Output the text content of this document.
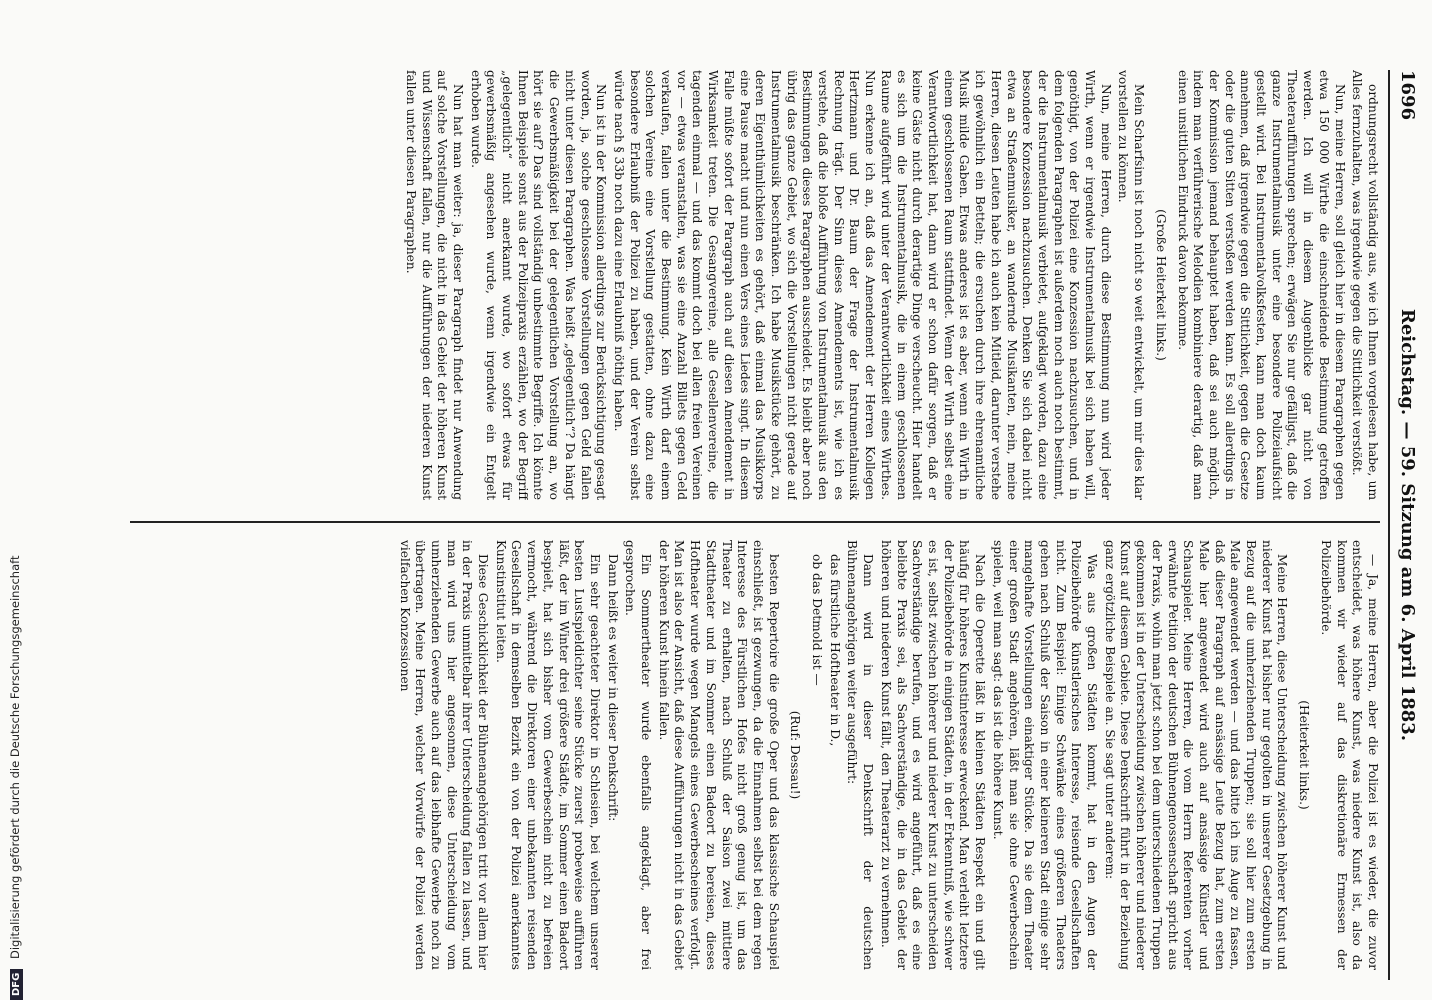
1696
Reichstag. — 59. Sitzung am 6. April 1883.

ordnungsrecht vollständig aus, wie ich Ihnen vorgelesen habe, um Alles fernzuhalten, was irgendwie gegen die Sittlichkeit verstößt.

Nun, meine Herren, soll gleich hier in diesem Paragraphen gegen etwa 150 000 Wirthe die einschneidende Bestimmung getroffen werden. Ich will in diesem Augenblicke gar nicht von Theateraufführungen sprechen; erwägen Sie nur gefälligst, daß die ganze Instrumentalmusik unter eine besondere Polizeiaufsicht gestellt wird. Bei Instrumentalvolksfesten, kann man doch kaum annehmen, daß irgendwie gegen die Sittlichkeit, gegen die Gesetze oder die guten Sitten verstoßen werden kann. Es soll allerdings in der Kommission jemand behauptet haben, daß sei auch möglich, indem man verführerische Melodien kombiniere derartig, daß man einen unsittlichen Eindruck davon bekomme.

(Große Heiterkeit links.)

Mein Scharfsinn ist noch nicht so weit entwickelt, um mir dies klar vorstellen zu können.

Nun, meine Herren, durch diese Bestimmung nun wird jeder Wirth, wenn er irgendwie Instrumentalmusik bei sich haben will, genöthigt, von der Polizei eine Konzession nachzusuchen, und in dem folgenden Paragraphen ist außerdem noch auch noch bestimmt, der die Instrumentalmusik verbietet, aufgeklagt worden, dazu eine besondere Konzession nachzusuchen. Denken Sie sich dabei nicht etwa an Straßenmusiker, an wandernde Musikanten, nein, meine Herren, diesen Leuten habe ich auch kein Mitleid, darunter verstehe ich gewöhnlich ein Betteln; die ersuchen durch ihre ehrenamtliche Musik milde Gaben. Etwas anderes ist es aber, wenn ein Wirth in einem geschlossenen Raum stattfindet. Wenn der Wirth selbst eine Verantwortlichkeit hat, dann wird er schon dafür sorgen, daß er keine Gäste nicht durch derartige Dinge verscheucht. Hier handelt es sich um die Instrumentalmusik, die in einem geschlossenen Raume aufgeführt wird unter der Verantwortlichkeit eines Wirthes. Nun erkenne ich an, daß das Amendement der Herren Kollegen Hertzmann und Dr. Baum der Frage der Instrumentalmusik Rechnung trägt. Der Sinn dieses Amendements ist, wie ich es verstehe, daß die bloße Aufführung von Instrumentalmusik aus den Bestimmungen dieses Paragraphen ausscheidet. Es bleibt aber noch übrig das ganze Gebiet, wo sich die Vorstellungen nicht gerade auf Instrumentalmusik beschränken. Ich habe Musikstücke gehört, zu deren Eigenthümlichkeiten es gehört, daß einmal das Musikkorps eine Pause macht und nun einen Vers eines Liedes singt. In diesem Falle müßte sofort der Paragraph auch auf diesen Amendement in Wirksamkeit treten. Die Gesangvereine, alle Gesellenvereine, die tagenden einmal — und das kommt doch bei allen freien Vereinen vor — etwas veranstalten, was sie eine Anzahl Billets gegen Geld verkaufen, fallen unter die Bestimmung. Kein Wirth darf einem solchen Vereine eine Vorstellung gestatten, ohne dazu eine besondere Erlaubniß der Polizei zu haben, und der Verein selbst würde nach § 33b noch dazu eine Erlaubniß nöthig haben.

Nun ist in der Kommission allerdings zur Berücksichtigung gesagt worden, ja, solche geschlossene Vorstellungen gegen Geld fallen nicht unter diesen Paragraphen. Was heißt „gelegentlich“? Da hängt die Gewerbsmäßigkeit bei der gelegentlichen Vorstellung an, wo hört sie auf? Das sind vollständig unbestimmte Begriffe. Ich könnte Ihnen Beispiele sonst aus der Polizeipraxis erzählen, wo der Begriff „gelegentlich“ nicht anerkannt wurde, wo sofort etwas für gewerbsmäßig angesehen wurde, wenn irgendwie ein Entgelt erhoben wurde.

Nun hat man weiter: ja, dieser Paragraph findet nur Anwendung auf solche Vorstellungen, die nicht in das Gebiet der höheren Kunst und Wissenschaft fallen, nur die Aufführungen der niederen Kunst fallen unter diesen Paragraphen.

— Ja, meine Herren, aber die Polizei ist es wieder, die zuvor entscheidet, was höhere Kunst, was niedere Kunst ist, also da kommen wir wieder auf das diskretionäre Ermessen der Polizeibehörde.

(Heiterkeit links.)

Meine Herren, diese Unterscheidung zwischen höherer Kunst und niederer Kunst hat bisher nur gegolten in unserer Gesetzgebung in Bezug auf die umherziehenden Truppen; sie soll hier zum ersten Male angewendet werden — und das bitte ich ins Auge zu fassen, daß dieser Paragraph auf ansässige Leute Bezug hat, zum ersten Male hier angewendet wird auch auf ansässige Künstler und Schauspieler. Meine Herren, die vom Herrn Referenten vorher erwähnte Petition der deutschen Bühnengenossenschaft spricht aus der Praxis, wohin man jetzt schon bei dem unterschiedenen Truppen gekommen ist in der Unterscheidung zwischen höherer und niederer Kunst auf diesem Gebiete. Diese Denkschrift führt in der Beziehung ganz ergötzliche Beispiele an. Sie sagt unter anderem:

Was aus großen Städten kommt, hat in den Augen der Polizeibehörde künstlerisches Interesse, reisende Gesellschaften nicht. Zum Beispiel: Einige Schwänke eines größeren Theaters gehen nach Schluß der Saison in einer kleineren Stadt einige sehr mangelhafte Vorstellungen einaktiger Stücke. Da sie dem Theater einer großen Stadt angehören, läßt man sie ohne Gewerbeschein spielen, weil man sagt: das ist die höhere Kunst.

Nach die Operette läßt in kleinen Städten Respekt ein und gilt häufig für höheres Kunstinteresse erweckend. Man verleiht letztere der Polizeibehörde in einigen Städten, in der Erkenntniß, wie schwer es ist, selbst zwischen höherer und niederer Kunst zu unterscheiden Sachverständige berufen, und es wird angeführt, daß es eine beliebte Praxis sei, als Sachverständige, die in das Gebiet der höheren und niederen Kunst fällt, den Theaterarzt zu vernehmen.

Dann wird in dieser Denkschrift der deutschen Bühnenangehörigen weiter ausgeführt:

das fürstliche Hoftheater in D.,

ob das Detmold ist —

(Ruf: Dessau!)

besten Repertoire die große Oper und das klassische Schauspiel einschließt, ist gezwungen, da die Einnahmen selbst bei dem regen Interesse des Fürstlichen Hofes nicht groß genug ist, um das Theater zu erhalten, nach Schluß der Saison zwei mittlere Stadttheater und im Sommer einen Badeort zu bereisen, dieses Hoftheater wurde wegen Mangels eines Gewerbescheines verfolgt. Man ist also der Ansicht, daß diese Aufführungen nicht in das Gebiet der höheren Kunst hinein fallen.

Ein Sommertheater wurde ebenfalls angeklagt, aber frei gesprochen.

Dann heißt es weiter in dieser Denkschrift:

Ein sehr geachteter Direktor in Schlesien, bei welchem unserer besten Lustspieldichter seine Stücke zuerst probeweise aufführen läßt, der im Winter drei größere Städte, im Sommer einen Badeort bespielt, hat sich bisher vom Gewerbeschein nicht zu befreien vermocht, während die Direktoren einer unbekannten reisenden Gesellschaft in demselben Bezirk ein von der Polizei anerkanntes Kunstinstitut leiten.

Diese Geschicklichkeit der Bühnenangehörigen tritt vor allem hier in der Praxis unmittelbar ihrer Unterscheidung fallen zu lassen, und man wird uns hier angesonnen, diese Unterscheidung vom umherziehenden Gewerbe auch auf das leibhafte Gewerbe noch zu übertragen. Meine Herren, welcher Vorwürfe der Polizei werden vielfachen Konzessionen

DFG Digitalisierung gefördert durch die Deutsche Forschungsgemeinschaft
